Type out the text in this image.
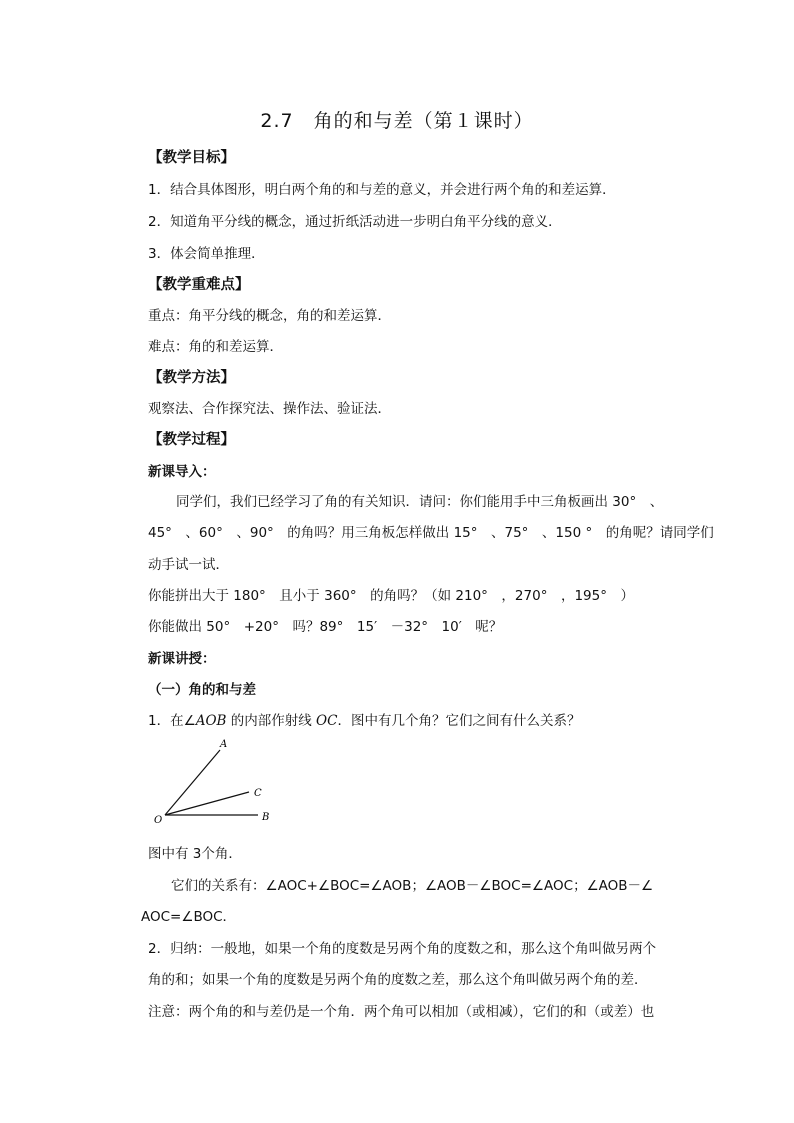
2.7　角的和与差（第１课时）
【教学目标】
1．结合具体图形，明白两个角的和与差的意义，并会进行两个角的和差运算．
2．知道角平分线的概念，通过折纸活动进一步明白角平分线的意义．
3．体会简单推理．
【教学重难点】
重点：角平分线的概念，角的和差运算．
难点：角的和差运算．
【教学方法】
观察法、合作探究法、操作法、验证法．
【教学过程】
新课导入：
同学们，我们已经学习了角的有关知识．请问：你们能用手中三角板画出 30°　、
45°　、60°　、90°　的角吗？用三角板怎样做出 15°　、75°　、150 °　的角呢？请同学们
动手试一试．
你能拼出大于 180°　且小于 360°　的角吗？（如 210°　，270°　，195°　）
你能做出 50°　+20°　吗？89°　15′　－32°　10′　呢？
新课讲授：
（一）角的和与差
1．在∠AOB 的内部作射线 OC．图中有几个角？它们之间有什么关系？
A
C
O	B
图中有 3个角．
它们的关系有：∠AOC+∠BOC=∠AOB；∠AOB－∠BOC=∠AOC；∠AOB－∠
AOC=∠BOC．
2．归纳：一般地，如果一个角的度数是另两个角的度数之和，那么这个角叫做另两个
角的和；如果一个角的度数是另两个角的度数之差，那么这个角叫做另两个角的差．
注意：两个角的和与差仍是一个角．两个角可以相加（或相减），它们的和（或差）也
